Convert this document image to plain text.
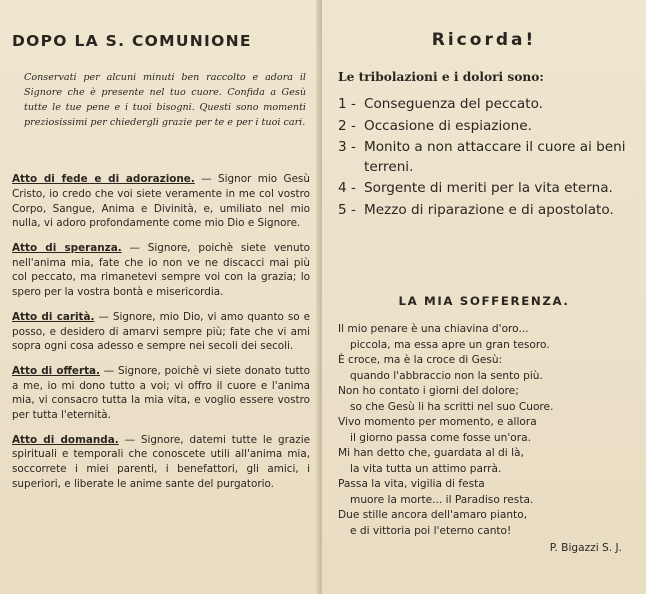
DOPO LA S. COMUNIONE
Conservati per alcuni minuti ben raccolto e adora il Signore che è presente nel tuo cuore. Confida a Gesù tutte le tue pene e i tuoi bisogni. Questi sono momenti preziosissimi per chiedergli grazie per te e per i tuoi cari.

Atto di fede e di adorazione. — Signor mio Gesù Cristo, io credo che voi siete veramente in me col vostro Corpo, Sangue, Anima e Divinità, e, umiliato nel mio nulla, vi adoro profondamente come mio Dio e Signore.

Atto di speranza. — Signore, poichè siete venuto nell'anima mia, fate che io non ve ne discacci mai più col peccato, ma rimanetevi sempre voi con la grazia; lo spero per la vostra bontà e misericordia.

Atto di carità. — Signore, mio Dio, vi amo quanto so e posso, e desidero di amarvi sempre più; fate che vi ami sopra ogni cosa adesso e sempre nei secoli dei secoli.

Atto di offerta. — Signore, poichè vi siete donato tutto a me, io mi dono tutto a voi; vi offro il cuore e l'anima mia, vi consacro tutta la mia vita, e voglio essere vostro per tutta l'eternità.

Atto di domanda. — Signore, datemi tutte le grazie spirituali e temporali che conoscete utili all'anima mia, soccorrete i miei parenti, i benefattori, gli amici, i superiori, e liberate le anime sante del purgatorio.

Ricorda!
Le tribolazioni e i dolori sono:
1 - Conseguenza del peccato.
2 - Occasione di espiazione.
3 - Monito a non attaccare il cuore ai beni terreni.
4 - Sorgente di meriti per la vita eterna.
5 - Mezzo di riparazione e di apostolato.
LA MIA SOFFERENZA.
Il mio penare è una chiavina d'oro...
piccola, ma essa apre un gran tesoro.
È croce, ma è la croce di Gesù:
quando l'abbraccio non la sento più.
Non ho contato i giorni del dolore;
so che Gesù li ha scritti nel suo Cuore.
Vivo momento per momento, e allora
il giorno passa come fosse un'ora.
Mi han detto che, guardata al di là,
la vita tutta un attimo parrà.
Passa la vita, vigilia di festa
muore la morte... il Paradiso resta.
Due stille ancora dell'amaro pianto,
e di vittoria poi l'eterno canto!
P. Bigazzi S. J.
